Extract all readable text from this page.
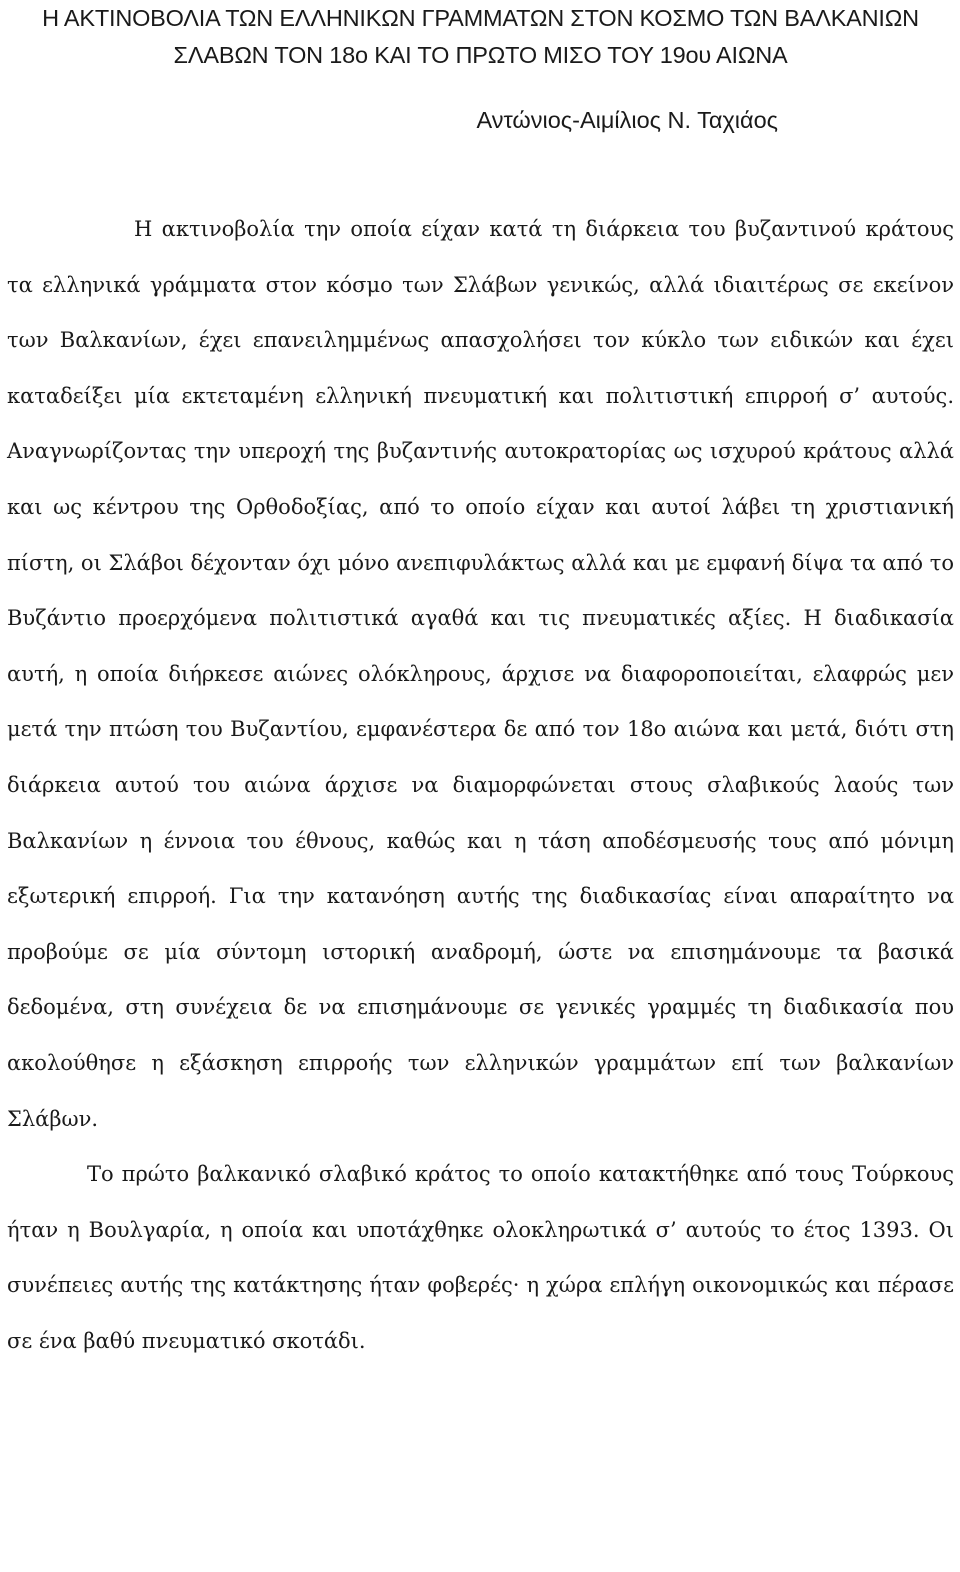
Η ΑΚΤΙΝΟΒΟΛΙΑ ΤΩΝ ΕΛΛΗΝΙΚΩΝ ΓΡΑΜΜΑΤΩΝ ΣΤΟΝ ΚΟΣΜΟ ΤΩΝ ΒΑΛΚΑΝΙΩΝ ΣΛΑΒΩΝ ΤΟΝ 18ο ΚΑΙ ΤΟ ΠΡΩΤΟ ΜΙΣΟ ΤΟΥ 19ου ΑΙΩΝΑ
Αντώνιος-Αιμίλιος Ν. Ταχιάος

Η ακτινοβολία την οποία είχαν κατά τη διάρκεια του βυζαντινού κράτους τα ελληνικά γράμματα στον κόσμο των Σλάβων γενικώς, αλλά ιδιαιτέρως σε εκείνον των Βαλκανίων, έχει επανειλημμένως απασχολήσει τον κύκλο των ειδικών και έχει καταδείξει μία εκτεταμένη ελληνική πνευματική και πολιτιστική επιρροή σ’ αυτούς. Αναγνωρίζοντας την υπεροχή της βυζαντινής αυτοκρατορίας ως ισχυρού κράτους αλλά και ως κέντρου της Ορθοδοξίας, από το οποίο είχαν και αυτοί λάβει τη χριστιανική πίστη, οι Σλάβοι δέχονταν όχι μόνο ανεπιφυλάκτως αλλά και με εμφανή δίψα τα από το Βυζάντιο προερχόμενα πολιτιστικά αγαθά και τις πνευματικές αξίες. Η διαδικασία αυτή, η οποία διήρκεσε αιώνες ολόκληρους, άρχισε να διαφοροποιείται, ελαφρώς μεν μετά την πτώση του Βυζαντίου, εμφανέστερα δε από τον 18ο αιώνα και μετά, διότι στη διάρκεια αυτού του αιώνα άρχισε να διαμορφώνεται στους σλαβικούς λαούς των Βαλκανίων η έννοια του έθνους, καθώς και η τάση αποδέσμευσής τους από μόνιμη εξωτερική επιρροή. Για την κατανόηση αυτής της διαδικασίας είναι απαραίτητο να προβούμε σε μία σύντομη ιστορική αναδρομή, ώστε να επισημάνουμε τα βασικά δεδομένα, στη συνέχεια δε να επισημάνουμε σε γενικές γραμμές τη διαδικασία που ακολούθησε η εξάσκηση επιρροής των ελληνικών γραμμάτων επί των βαλκανίων Σλάβων.

Το πρώτο βαλκανικό σλαβικό κράτος το οποίο κατακτήθηκε από τους Τούρκους ήταν η Βουλγαρία, η οποία και υποτάχθηκε ολοκληρωτικά σ’ αυτούς το έτος 1393. Οι συνέπειες αυτής της κατάκτησης ήταν φοβερές· η χώρα επλήγη οικονομικώς και πέρασε σε ένα βαθύ πνευματικό σκοτάδι.
